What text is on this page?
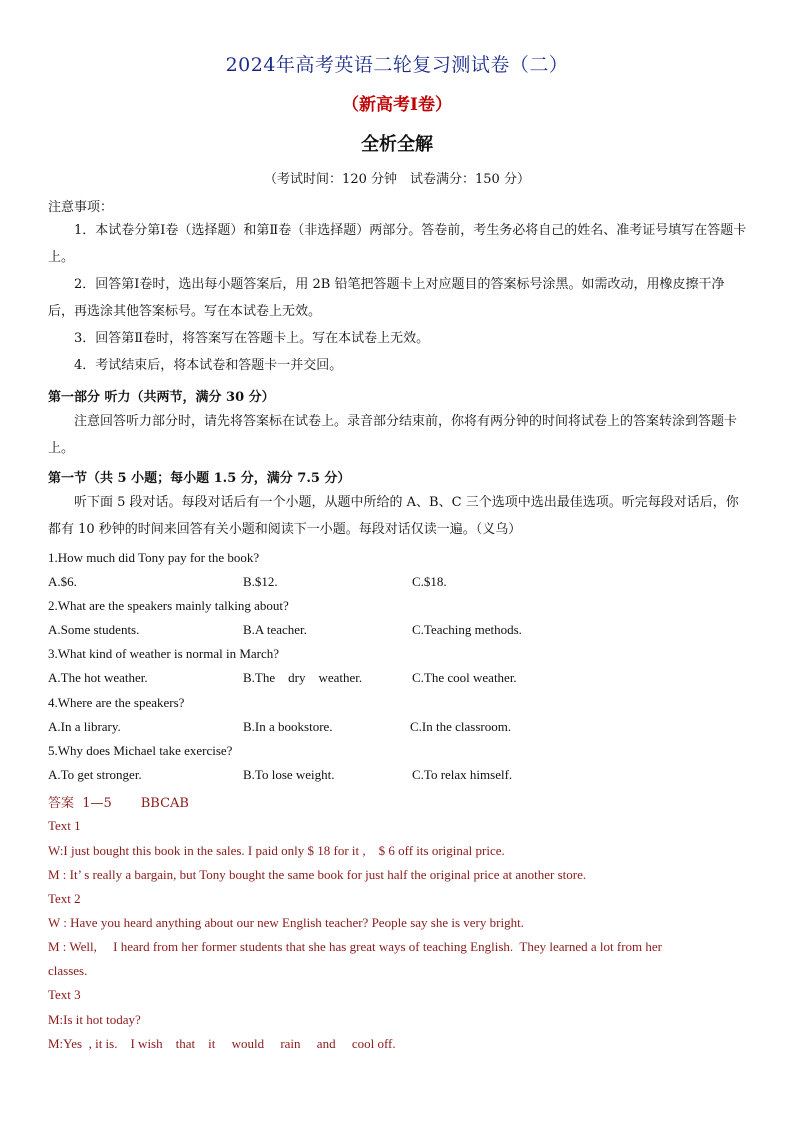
2024年高考英语二轮复习测试卷（二）
（新高考Ⅰ卷）
全析全解
（考试时间：120 分钟　试卷满分：150 分）
注意事项：
1．本试卷分第Ⅰ卷（选择题）和第Ⅱ卷（非选择题）两部分。答卷前，考生务必将自己的姓名、准考证号填写在答题卡上。
2．回答第Ⅰ卷时，选出每小题答案后，用 2B 铅笔把答题卡上对应题目的答案标号涂黑。如需改动，用橡皮擦干净后，再选涂其他答案标号。写在本试卷上无效。
3．回答第Ⅱ卷时，将答案写在答题卡上。写在本试卷上无效。
4．考试结束后，将本试卷和答题卡一并交回。
第一部分 听力（共两节，满分 30 分）
注意回答听力部分时，请先将答案标在试卷上。录音部分结束前，你将有两分钟的时间将试卷上的答案转涂到答题卡上。
第一节（共 5 小题；每小题 1.5 分，满分 7.5 分）
听下面 5 段对话。每段对话后有一个小题，从题中所给的 A、B、C 三个选项中选出最佳选项。听完每段对话后，你都有 10 秒钟的时间来回答有关小题和阅读下一小题。每段对话仅读一遍。（义乌）
1.How much did Tony pay for the book?
A.$6.	B.$12.	C.$18.
2.What are the speakers mainly talking about?
A.Some students.	B.A teacher.	C.Teaching methods.
3.What kind of weather is normal in March?
A.The hot weather.	B.The    dry    weather.	C.The cool weather.
4.Where are the speakers?
A.In a library.	B.In a bookstore.	C.In the classroom.
5.Why does Michael take exercise?
A.To get stronger.	B.To lose weight.	C.To relax himself.
答案  1—5       BBCAB
Text 1
W:I just bought this book in the sales. I paid only $ 18 for it ,    $ 6 off its original price.
M : It’ s really a bargain, but Tony bought the same book for just half the original price at another store.
Text 2
W : Have you heard anything about our new English teacher? People say she is very bright.
M : Well,     I heard from her former students that she has great ways of teaching English.  They learned a lot from her
classes.
Text 3
M:Is it hot today?
M:Yes  , it is.    I wish    that    it     would     rain     and     cool off.
